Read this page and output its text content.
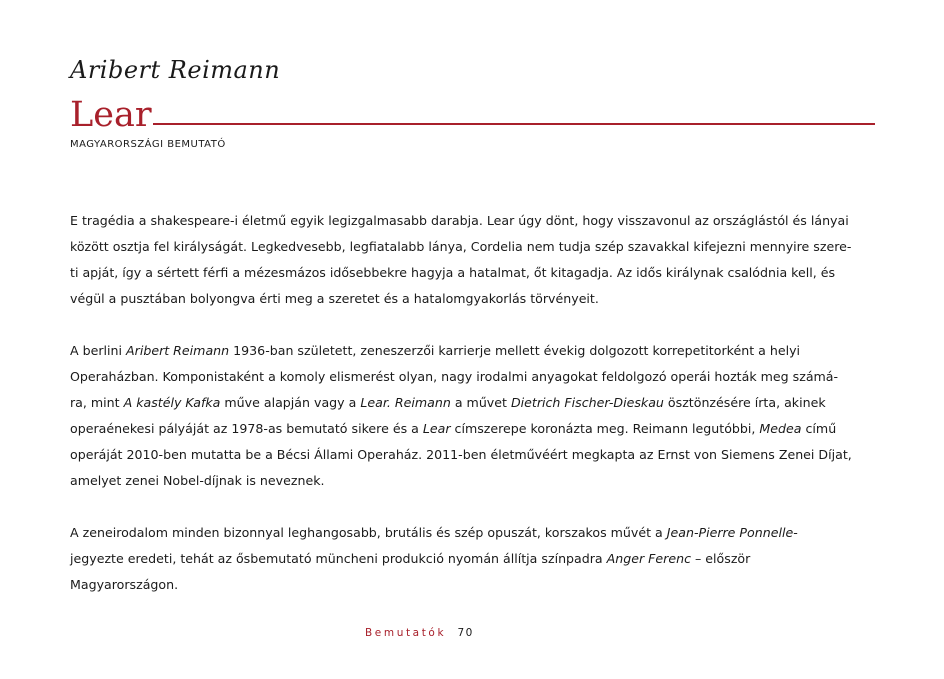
Aribert Reimann
Lear
MAGYARORSZÁGI BEMUTATÓ

E tragédia a shakespeare-i életmű egyik legizgalmasabb darabja. Lear úgy dönt, hogy visszavonul az országlástól és lányai
között osztja fel királyságát. Legkedvesebb, legfiatalabb lánya, Cordelia nem tudja szép szavakkal kifejezni mennyire szere-
ti apját, így a sértett férfi a mézesmázos idősebbekre hagyja a hatalmat, őt kitagadja. Az idős királynak csalódnia kell, és
végül a pusztában bolyongva érti meg a szeretet és a hatalomgyakorlás törvényeit.

A berlini Aribert Reimann 1936-ban született, zeneszerzői karrierje mellett évekig dolgozott korrepetitorként a helyi
Operaházban. Komponistaként a komoly elismerést olyan, nagy irodalmi anyagokat feldolgozó operái hozták meg számá-
ra, mint A kastély Kafka műve alapján vagy a Lear. Reimann a művet Dietrich Fischer-Dieskau ösztönzésére írta, akinek
operaénekesi pályáját az 1978-as bemutató sikere és a Lear címszerepe koronázta meg. Reimann legutóbbi, Medea című
operáját 2010-ben mutatta be a Bécsi Állami Operaház. 2011-ben életművéért megkapta az Ernst von Siemens Zenei Díjat,
amelyet zenei Nobel-díjnak is neveznek.

A zeneirodalom minden bizonnyal leghangosabb, brutális és szép opuszát, korszakos művét a Jean-Pierre Ponnelle-
jegyezte eredeti, tehát az ősbemutató müncheni produkció nyomán állítja színpadra Anger Ferenc – először
Magyarországon.

Bemutatók 70
